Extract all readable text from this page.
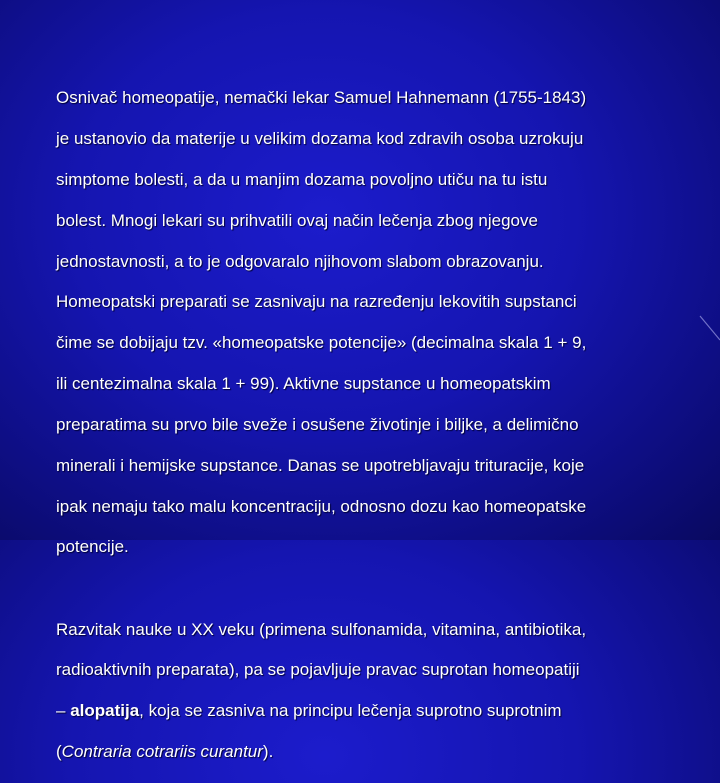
Osnivač homeopatije, nemački lekar Samuel Hahnemann (1755-1843)

je ustanovio da materije u velikim dozama kod zdravih osoba uzrokuju

simptome bolesti, a da u manjim dozama povoljno utiču na tu istu

bolest. Mnogi lekari su prihvatili ovaj način lečenja zbog njegove

jednostavnosti, a to je odgovaralo njihovom slabom obrazovanju.

Homeopatski preparati se zasnivaju na razređenju lekovitih supstanci

čime se dobijaju tzv. «homeopatske potencije» (decimalna skala 1 + 9,

ili centezimalna skala 1 + 99). Aktivne supstance u homeopatskim

preparatima su prvo bile sveže i osušene životinje i biljke, a delimično

minerali i hemijske supstance. Danas se upotrebljavaju trituracije, koje

ipak nemaju tako malu koncentraciju, odnosno dozu kao homeopatske

potencije.

Razvitak nauke u XX veku (primena sulfonamida, vitamina, antibiotika,

radioaktivnih preparata), pa se pojavljuje pravac suprotan homeopatiji

– alopatija, koja se zasniva na principu lečenja suprotno suprotnim

(Contraria cotrariis curantur).
